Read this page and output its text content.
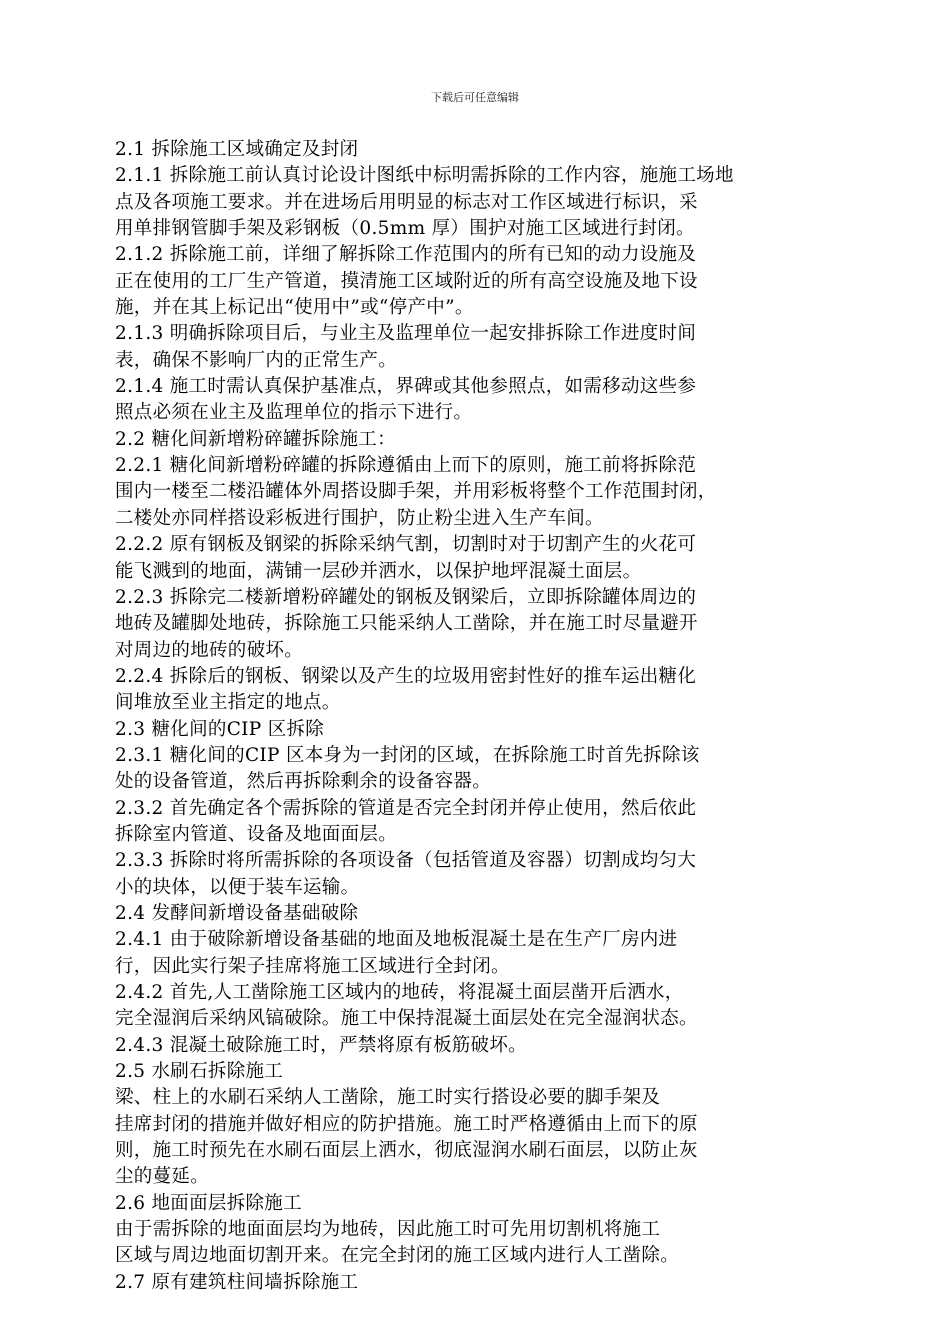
下载后可任意编辑
2.1 拆除施工区域确定及封闭
2.1.1 拆除施工前认真讨论设计图纸中标明需拆除的工作内容，施施工场地
点及各项施工要求。并在进场后用明显的标志对工作区域进行标识，采
用单排钢管脚手架及彩钢板（0.5mm 厚）围护对施工区域进行封闭。
2.1.2 拆除施工前，详细了解拆除工作范围内的所有已知的动力设施及
正在使用的工厂生产管道，摸清施工区域附近的所有高空设施及地下设
施，并在其上标记出“使用中”或“停产中”。
2.1.3 明确拆除项目后，与业主及监理单位一起安排拆除工作进度时间
表，确保不影响厂内的正常生产。
2.1.4 施工时需认真保护基准点，界碑或其他参照点，如需移动这些参
照点必须在业主及监理单位的指示下进行。
2.2 糖化间新增粉碎罐拆除施工：
2.2.1 糖化间新增粉碎罐的拆除遵循由上而下的原则，施工前将拆除范
围内一楼至二楼沿罐体外周搭设脚手架，并用彩板将整个工作范围封闭，
二楼处亦同样搭设彩板进行围护，防止粉尘进入生产车间。
2.2.2 原有钢板及钢梁的拆除采纳气割，切割时对于切割产生的火花可
能飞溅到的地面，满铺一层砂并洒水，以保护地坪混凝土面层。
2.2.3 拆除完二楼新增粉碎罐处的钢板及钢梁后，立即拆除罐体周边的
地砖及罐脚处地砖，拆除施工只能采纳人工凿除，并在施工时尽量避开
对周边的地砖的破坏。
2.2.4 拆除后的钢板、钢梁以及产生的垃圾用密封性好的推车运出糖化
间堆放至业主指定的地点。
2.3 糖化间的CIP 区拆除
2.3.1 糖化间的CIP 区本身为一封闭的区域，在拆除施工时首先拆除该
处的设备管道，然后再拆除剩余的设备容器。
2.3.2 首先确定各个需拆除的管道是否完全封闭并停止使用，然后依此
拆除室内管道、设备及地面面层。
2.3.3 拆除时将所需拆除的各项设备（包括管道及容器）切割成均匀大
小的块体，以便于装车运输。
2.4 发酵间新增设备基础破除
2.4.1 由于破除新增设备基础的地面及地板混凝土是在生产厂房内进
行，因此实行架子挂席将施工区域进行全封闭。
2.4.2 首先,人工凿除施工区域内的地砖，将混凝土面层凿开后洒水，
完全湿润后采纳风镐破除。施工中保持混凝土面层处在完全湿润状态。
2.4.3 混凝土破除施工时，严禁将原有板筋破坏。
2.5 水刷石拆除施工
梁、柱上的水刷石采纳人工凿除，施工时实行搭设必要的脚手架及
挂席封闭的措施并做好相应的防护措施。施工时严格遵循由上而下的原
则，施工时预先在水刷石面层上洒水，彻底湿润水刷石面层，以防止灰
尘的蔓延。
2.6 地面面层拆除施工
由于需拆除的地面面层均为地砖，因此施工时可先用切割机将施工
区域与周边地面切割开来。在完全封闭的施工区域内进行人工凿除。
2.7 原有建筑柱间墙拆除施工
